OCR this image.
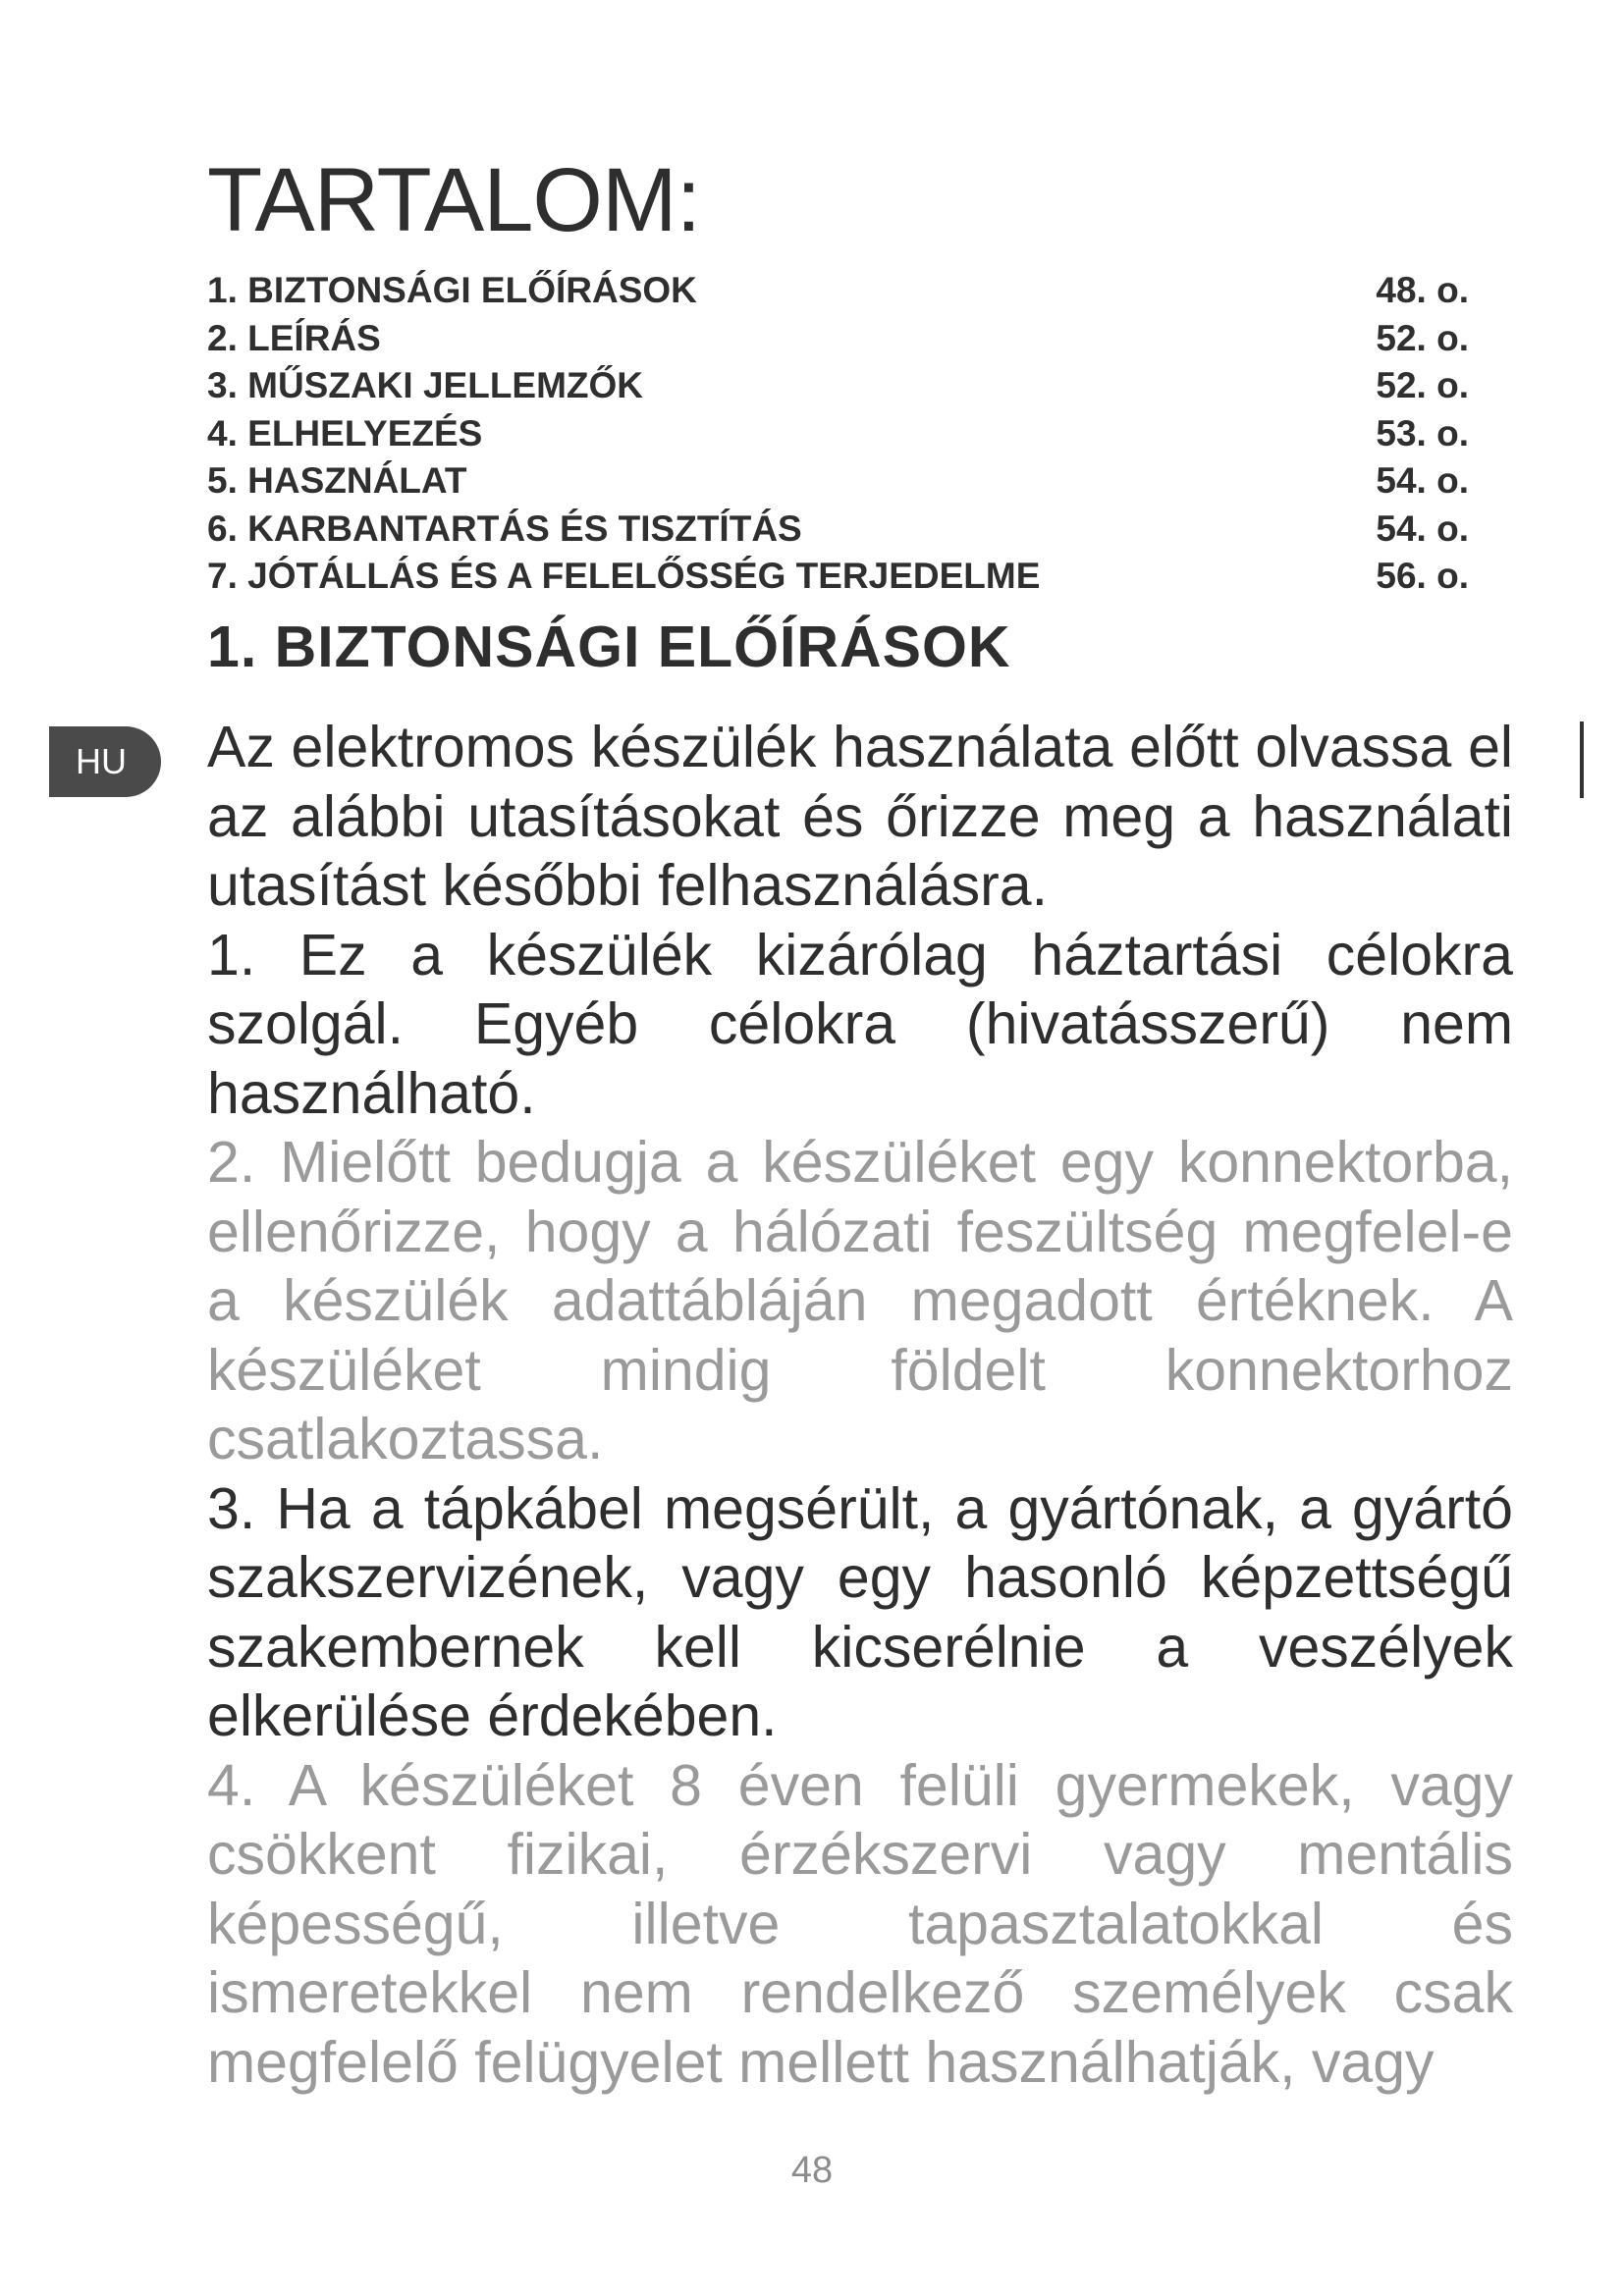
TARTALOM:
1. BIZTONSÁGI ELŐÍRÁSOK	48. o.
2. LEÍRÁS	52. o.
3. MŰSZAKI JELLEMZŐK	52. o.
4. ELHELYEZÉS	53. o.
5. HASZNÁLAT	54. o.
6. KARBANTARTÁS ÉS TISZTÍTÁS	54. o.
7. JÓTÁLLÁS ÉS A FELELŐSSÉG TERJEDELME	56. o.
1. BIZTONSÁGI ELŐÍRÁSOK
HU	Az elektromos készülék használata előtt olvassa el az alábbi utasításokat és őrizze meg a használati utasítást későbbi felhasználásra.

1. Ez a készülék kizárólag háztartási célokra szolgál. Egyéb célokra (hivatásszerű) nem használható.

2. Mielőtt bedugja a készüléket egy konnektorba, ellenőrizze, hogy a hálózati feszültség megfelel-e a készülék adattábláján megadott értéknek. A készüléket mindig földelt konnektorhoz csatlakoztassa.

3. Ha a tápkábel megsérült, a gyártónak, a gyártó szakszervizének, vagy egy hasonló képzettségű szakembernek kell kicserélnie a veszélyek elkerülése érdekében.

4. A készüléket 8 éven felüli gyermekek, vagy csökkent fizikai, érzékszervi vagy mentális képességű, illetve tapasztalatokkal és ismeretekkel nem rendelkező személyek csak megfelelő felügyelet mellett használhatják, vagy

48
